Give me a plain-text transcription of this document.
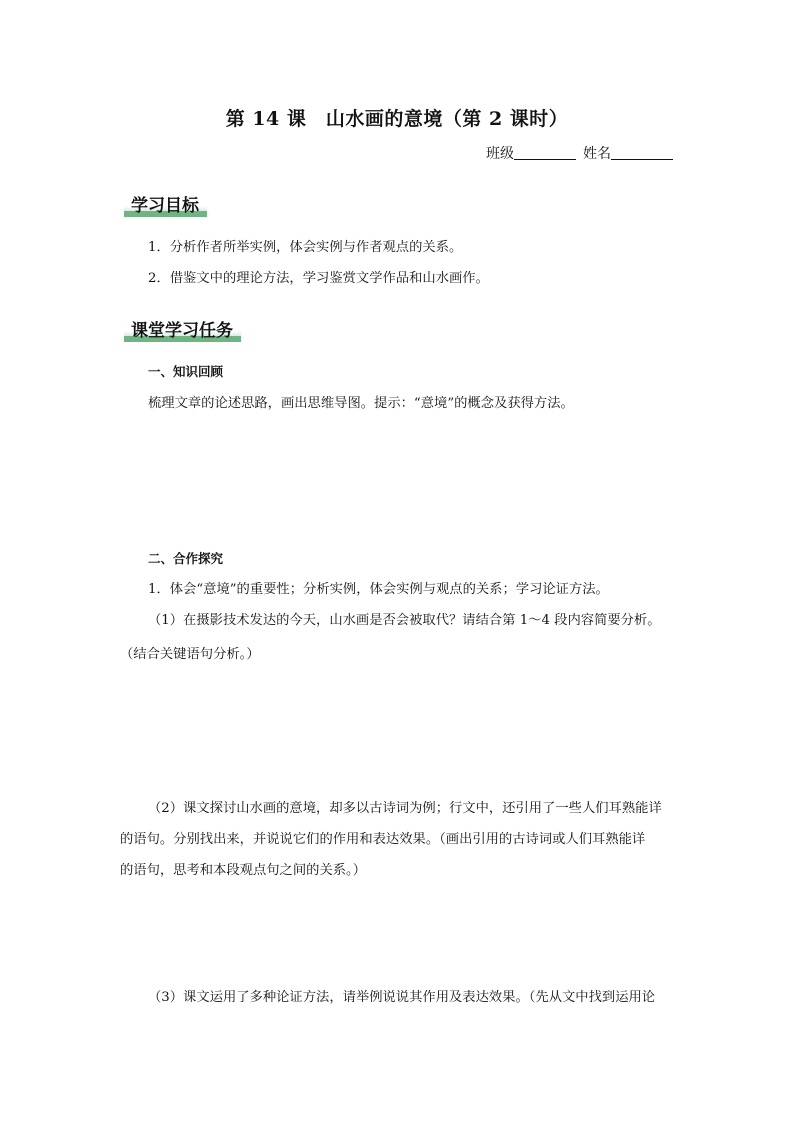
第 14 课　山水画的意境（第 2 课时）
班级	姓名
学习目标
1．分析作者所举实例，体会实例与作者观点的关系。
2．借鉴文中的理论方法，学习鉴赏文学作品和山水画作。
课堂学习任务
一、知识回顾
梳理文章的论述思路，画出思维导图。提示：“意境”的概念及获得方法。
二、合作探究
1．体会“意境”的重要性；分析实例，体会实例与观点的关系；学习论证方法。
（1）在摄影技术发达的今天，山水画是否会被取代？请结合第 1～4 段内容简要分析。
（结合关键语句分析。）
（2）课文探讨山水画的意境，却多以古诗词为例；行文中，还引用了一些人们耳熟能详
的语句。分别找出来，并说说它们的作用和表达效果。（画出引用的古诗词或人们耳熟能详
的语句，思考和本段观点句之间的关系。）
（3）课文运用了多种论证方法，请举例说说其作用及表达效果。（先从文中找到运用论
